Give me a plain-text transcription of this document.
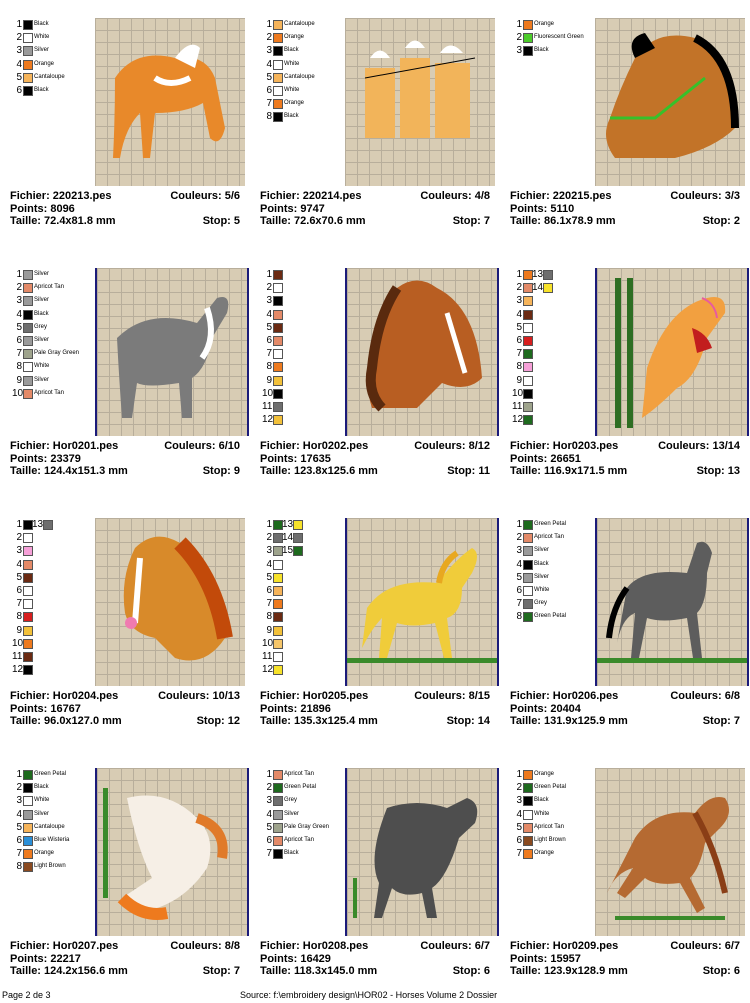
1 Black
2 White
3 Silver
4 Orange
5 Cantaloupe
6 Black
Fichier: 220213.pes	Couleurs: 5/6
Points: 8096
Taille: 72.4x81.8 mm	Stop: 5
1 Cantaloupe
2 Orange
3 Black
4 White
5 Cantaloupe
6 White
7 Orange
8 Black
Fichier: 220214.pes	Couleurs: 4/8
Points: 9747
Taille: 72.6x70.6 mm	Stop: 7
1 Orange
2 Fluorescent Green
3 Black
Fichier: 220215.pes	Couleurs: 3/3
Points: 5110
Taille: 86.1x78.9 mm	Stop: 2
1 Silver
2 Apricot Tan
3 Silver
4 Black
5 Grey
6 Silver
7 Pale Gray Green
8 White
9 Silver
10 Apricot Tan
Fichier: Hor0201.pes	Couleurs: 6/10
Points: 23379
Taille: 124.4x151.3 mm	Stop: 9
1
2
3
4
5
6
7
8
9
10
11
12
Fichier: Hor0202.pes	Couleurs: 8/12
Points: 17635
Taille: 123.8x125.6 mm	Stop: 11
1 13
2 14
3
4
5
6
7
8
9
10
11
12
Fichier: Hor0203.pes	Couleurs: 13/14
Points: 26651
Taille: 116.9x171.5 mm	Stop: 13
1 13
2
3
4
5
6
7
8
9
10
11
12
Fichier: Hor0204.pes	Couleurs: 10/13
Points: 16767
Taille: 96.0x127.0 mm	Stop: 12
1 13
2 14
3 15
4
5
6
7
8
9
10
11
12
Fichier: Hor0205.pes	Couleurs: 8/15
Points: 21896
Taille: 135.3x125.4 mm	Stop: 14
1 Green Petal
2 Apricot Tan
3 Silver
4 Black
5 Silver
6 White
7 Grey
8 Green Petal
Fichier: Hor0206.pes	Couleurs: 6/8
Points: 20404
Taille: 131.9x125.9 mm	Stop: 7
1 Green Petal
2 Black
3 White
4 Silver
5 Cantaloupe
6 Blue Wisteria
7 Orange
8 Light Brown
Fichier: Hor0207.pes	Couleurs: 8/8
Points: 22217
Taille: 124.2x156.6 mm	Stop: 7
1 Apricot Tan
2 Green Petal
3 Grey
4 Silver
5 Pale Gray Green
6 Apricot Tan
7 Black
Fichier: Hor0208.pes	Couleurs: 6/7
Points: 16429
Taille: 118.3x145.0 mm	Stop: 6
1 Orange
2 Green Petal
3 Black
4 White
5 Apricot Tan
6 Light Brown
7 Orange
Fichier: Hor0209.pes	Couleurs: 6/7
Points: 15957
Taille: 123.9x128.9 mm	Stop: 6
Page 2 de 3	Source: f:\embroidery design\HOR02 - Horses Volume 2 Dossier
